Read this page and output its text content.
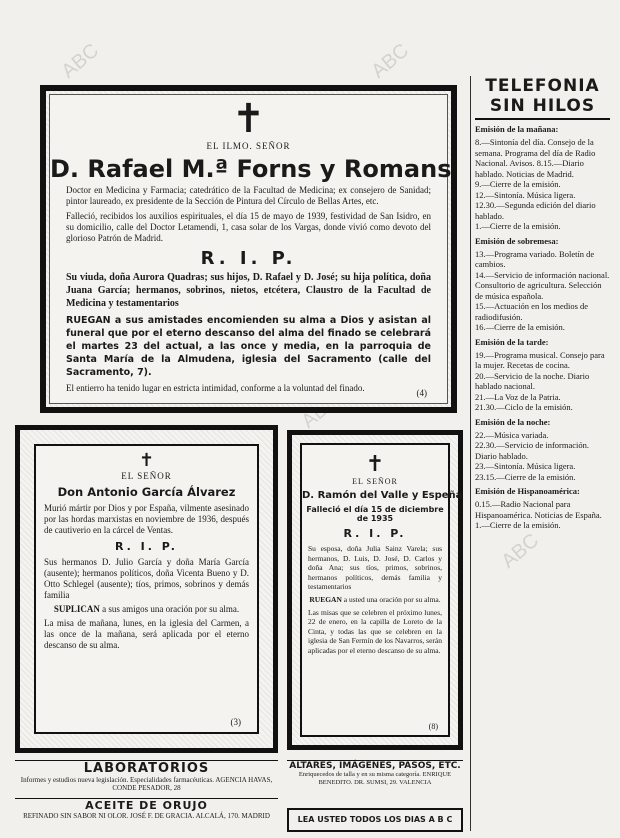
ABC	ABC
ABC
✝
EL ILMO. SEÑOR
D. Rafael M.ª Forns y Romans
Doctor en Medicina y Farmacia; catedrático de la Facultad de Medicina; ex consejero de Sanidad; pintor laureado, ex presidente de la Sección de Pintura del Círculo de Bellas Artes, etc.
Falleció, recibidos los auxilios espirituales, el día 15 de mayo de 1939, festividad de San Isidro, en su domicilio, calle del Doctor Letamendi, 1, casa solar de los Vargas, donde vivió como devoto del glorioso Patrón de Madrid.
R. I. P.
Su viuda, doña Aurora Quadras; sus hijos, D. Rafael y D. José; su hija política, doña Juana García; hermanos, sobrinos, nietos, etcétera, Claustro de la Facultad de Medicina y testamentarios
RUEGAN a sus amistades encomienden su alma a Dios y asistan al funeral que por el eterno descanso del alma del finado se celebrará el martes 23 del actual, a las once y media, en la parroquia de Santa María de la Almudena, iglesia del Sacramento (calle del Sacramento, 7).
El entierro ha tenido lugar en estricta intimidad, conforme a la voluntad del finado.	(4)
✝
EL SEÑOR
Don Antonio García Álvarez
Murió mártir por Dios y por España, vilmente asesinado por las hordas marxistas en noviembre de 1936, después de cautiverio en la cárcel de Ventas.
R. I. P.
Sus hermanos D. Julio García y doña María García (ausente); hermanos políticos, doña Vicenta Bueno y D. Otto Schlegel (ausente); tíos, primos, sobrinos y demás familia
SUPLICAN a sus amigos una oración por su alma.
La misa de mañana, lunes, en la iglesia del Carmen, a las once de la mañana, será aplicada por el eterno descanso de su alma.
(3)
✝
EL SEÑOR
D. Ramón del Valle y Espeña
Falleció el día 15 de diciembre de 1935
R. I. P.
Su esposa, doña Julia Sainz Varela; sus hermanos, D. Luis, D. José, D. Carlos y doña Ana; sus tíos, primos, sobrinos, hermanos políticos, demás familia y testamentarios
RUEGAN a usted una oración por su alma.
Las misas que se celebren el próximo lunes, 22 de enero, en la capilla de Loreto de la Cinta, y todas las que se celebren en la iglesia de San Fermín de los Navarros, serán aplicadas por el eterno descanso de su alma.
(8)
LABORATORIOS
Informes y estudios nueva legislación. Especialidades farmacéuticas. AGENCIA HAVAS, CONDE PESADOR, 28
ACEITE DE ORUJO
REFINADO SIN SABOR NI OLOR. JOSÉ F. DE GRACIA. ALCALÁ, 170. MADRID
ALTARES, IMÁGENES, PASOS, ETC.
Enriquecedos de talla y en su misma categoría. ENRIQUE BENEDITO. DR. SUMSI, 29. VALENCIA
LEA USTED TODOS LOS DIAS A B C
TELEFONIA
SIN HILOS
Emisión de la mañana:

8.—Sintonía del día. Consejo de la semana. Programa del día de Radio Nacional. Avisos. 8.15.—Diario hablado. Noticias de Madrid.

9.—Cierre de la emisión.

12.—Sintonía. Música ligera.

12.30.—Segunda edición del diario hablado.

1.—Cierre de la emisión.

Emisión de sobremesa:

13.—Programa variado. Boletín de cambios.

14.—Servicio de información nacional. Consultorio de agricultura. Selección de música española.

15.—Actuación en los medios de radiodifusión.

16.—Cierre de la emisión.

Emisión de la tarde:

19.—Programa musical. Consejo para la mujer. Recetas de cocina.

20.—Servicio de la noche. Diario hablado nacional.

21.—La Voz de la Patria.

21.30.—Ciclo de la emisión.

Emisión de la noche:

22.—Música variada.

22.30.—Servicio de información. Diario hablado.

23.—Sintonía. Música ligera.

23.15.—Cierre de la emisión.

Emisión de Hispanoamérica:

0.15.—Radio Nacional para Hispanoamérica. Noticias de España.

1.—Cierre de la emisión.
